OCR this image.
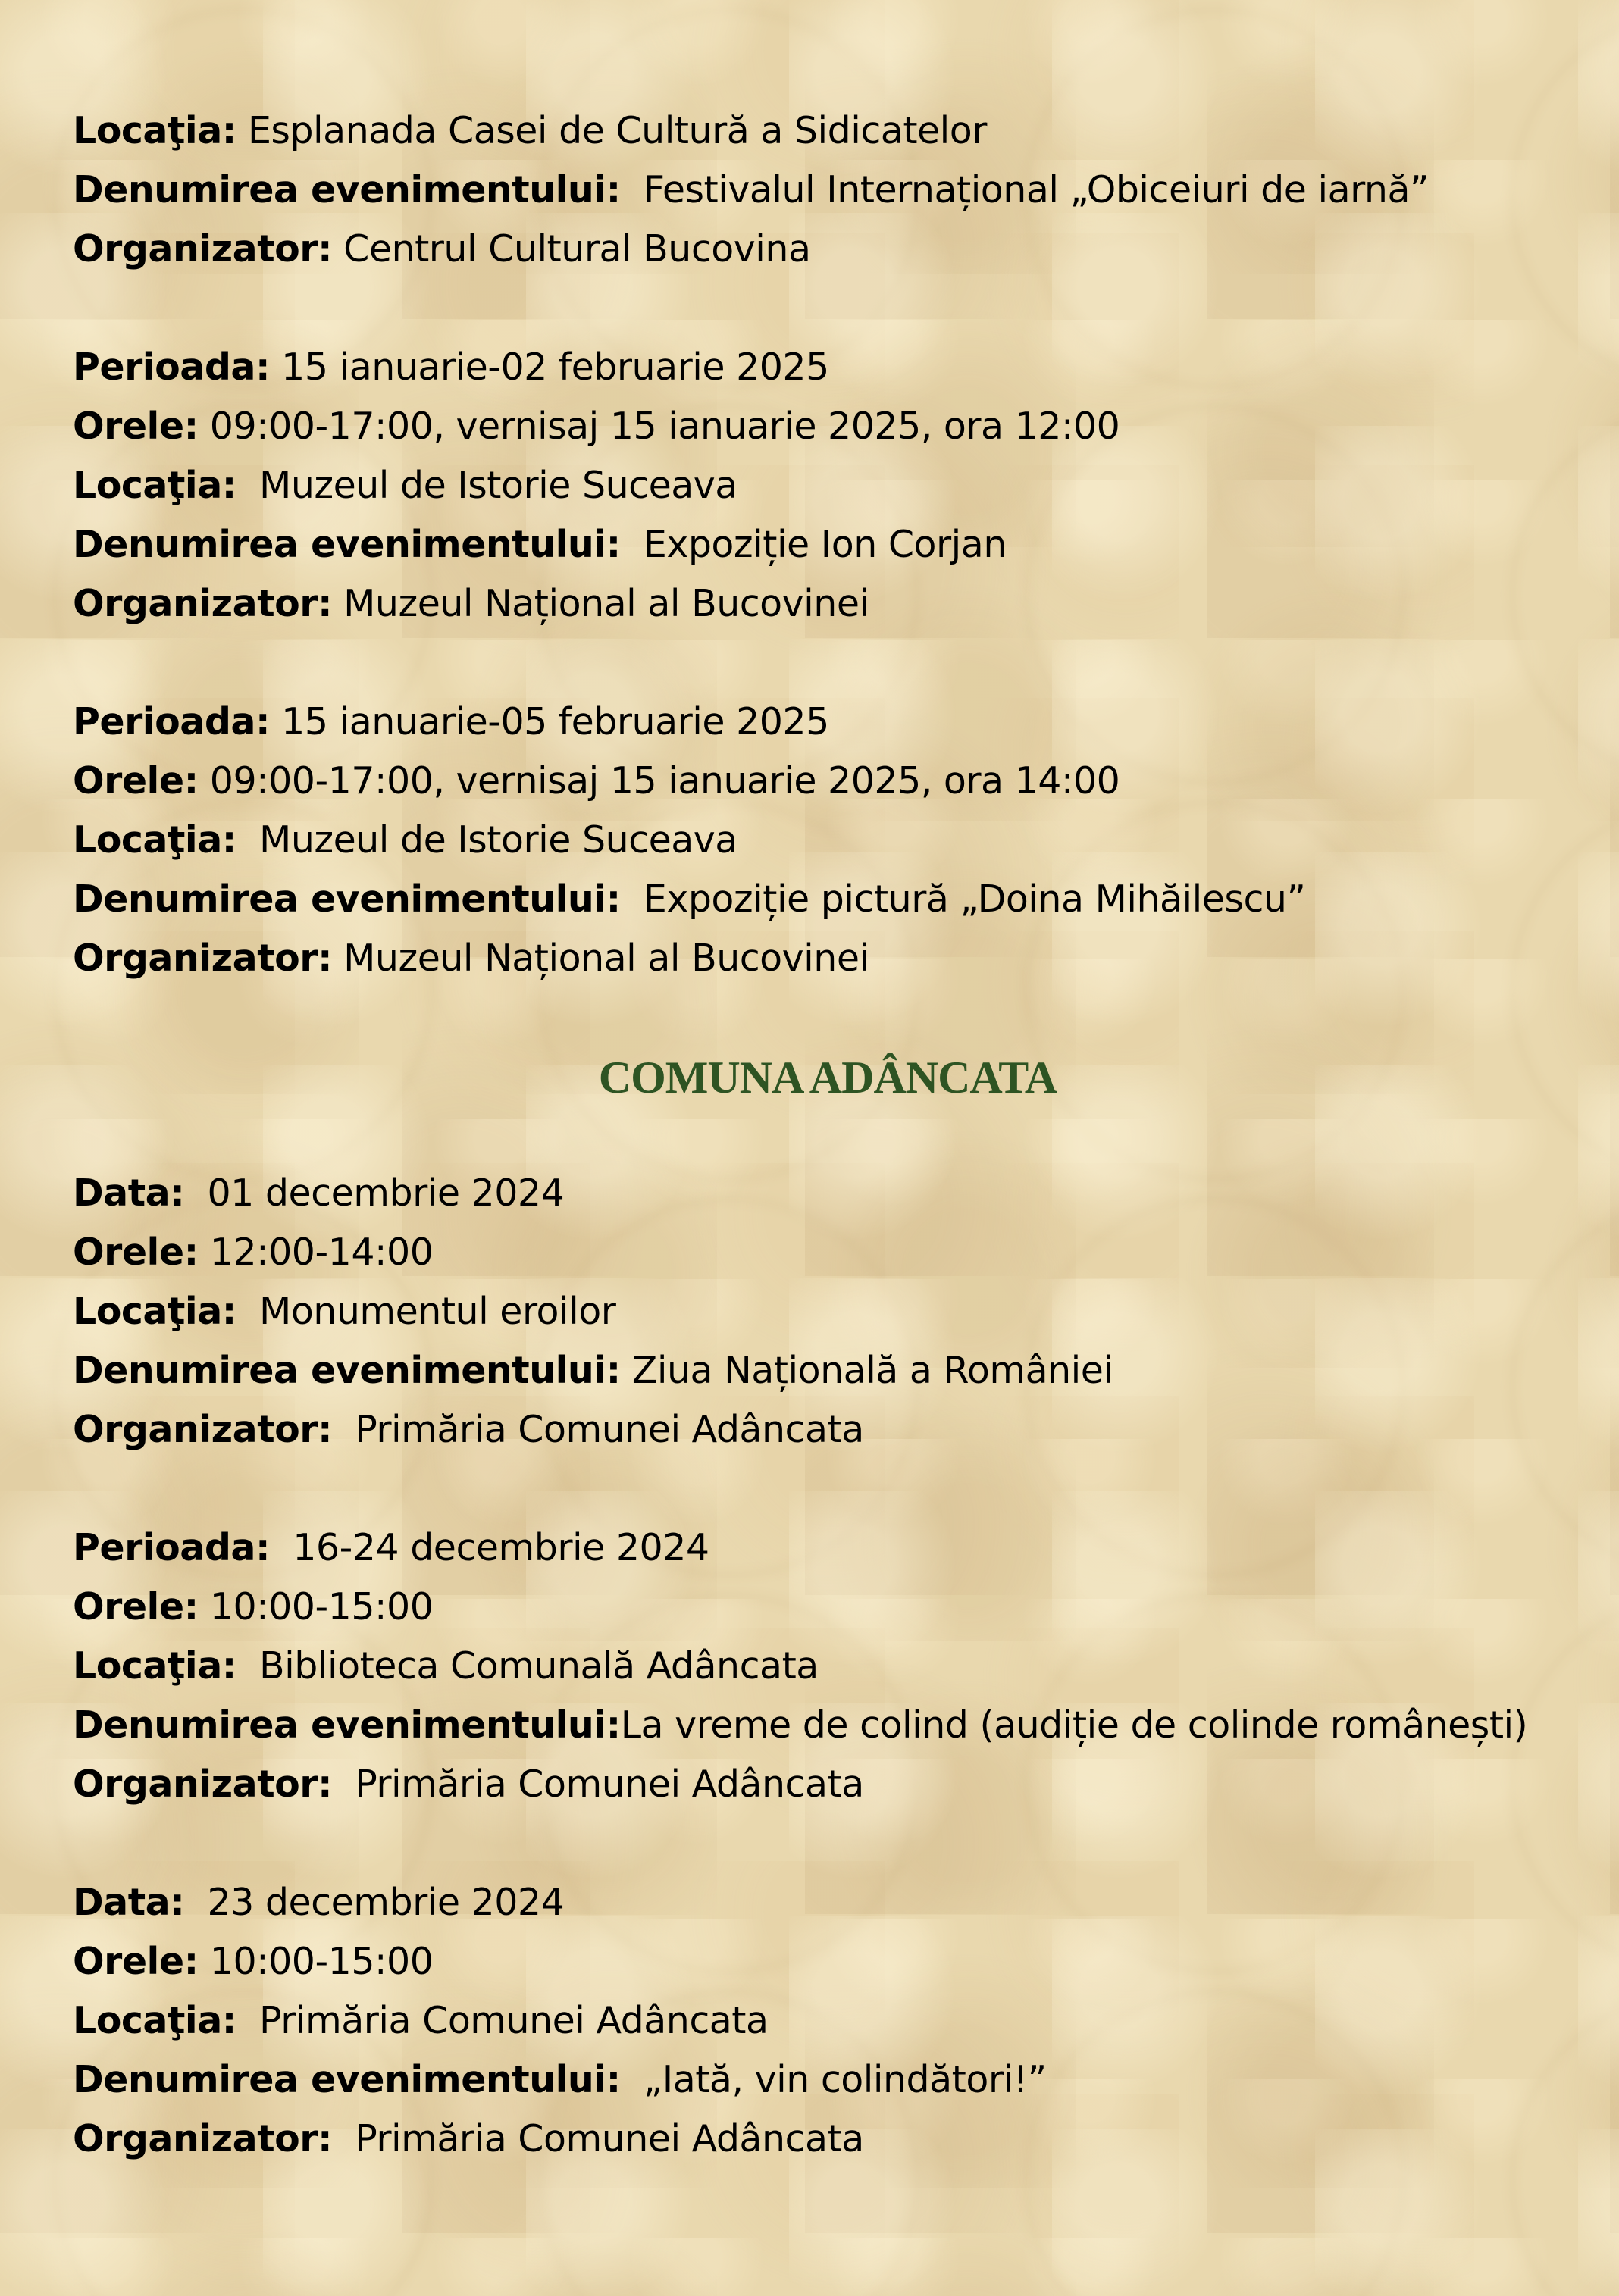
Locaţia: Esplanada Casei de Cultură a Sidicatelor
Denumirea evenimentului:  Festivalul Internațional „Obiceiuri de iarnă”
Organizator: Centrul Cultural Bucovina
Perioada: 15 ianuarie-02 februarie 2025
Orele: 09:00-17:00, vernisaj 15 ianuarie 2025, ora 12:00
Locaţia:  Muzeul de Istorie Suceava
Denumirea evenimentului:  Expoziție Ion Corjan
Organizator: Muzeul Național al Bucovinei
Perioada: 15 ianuarie-05 februarie 2025
Orele: 09:00-17:00, vernisaj 15 ianuarie 2025, ora 14:00
Locaţia:  Muzeul de Istorie Suceava
Denumirea evenimentului:  Expoziție pictură „Doina Mihăilescu”
Organizator: Muzeul Național al Bucovinei
COMUNA ADÂNCATA
Data:  01 decembrie 2024
Orele: 12:00-14:00
Locaţia:  Monumentul eroilor
Denumirea evenimentului: Ziua Națională a României
Organizator:  Primăria Comunei Adâncata
Perioada:  16-24 decembrie 2024
Orele: 10:00-15:00
Locaţia:  Biblioteca Comunală Adâncata
Denumirea evenimentului:La vreme de colind (audiție de colinde românești)
Organizator:  Primăria Comunei Adâncata
Data:  23 decembrie 2024
Orele: 10:00-15:00
Locaţia:  Primăria Comunei Adâncata
Denumirea evenimentului:  „Iată, vin colindători!”
Organizator:  Primăria Comunei Adâncata
